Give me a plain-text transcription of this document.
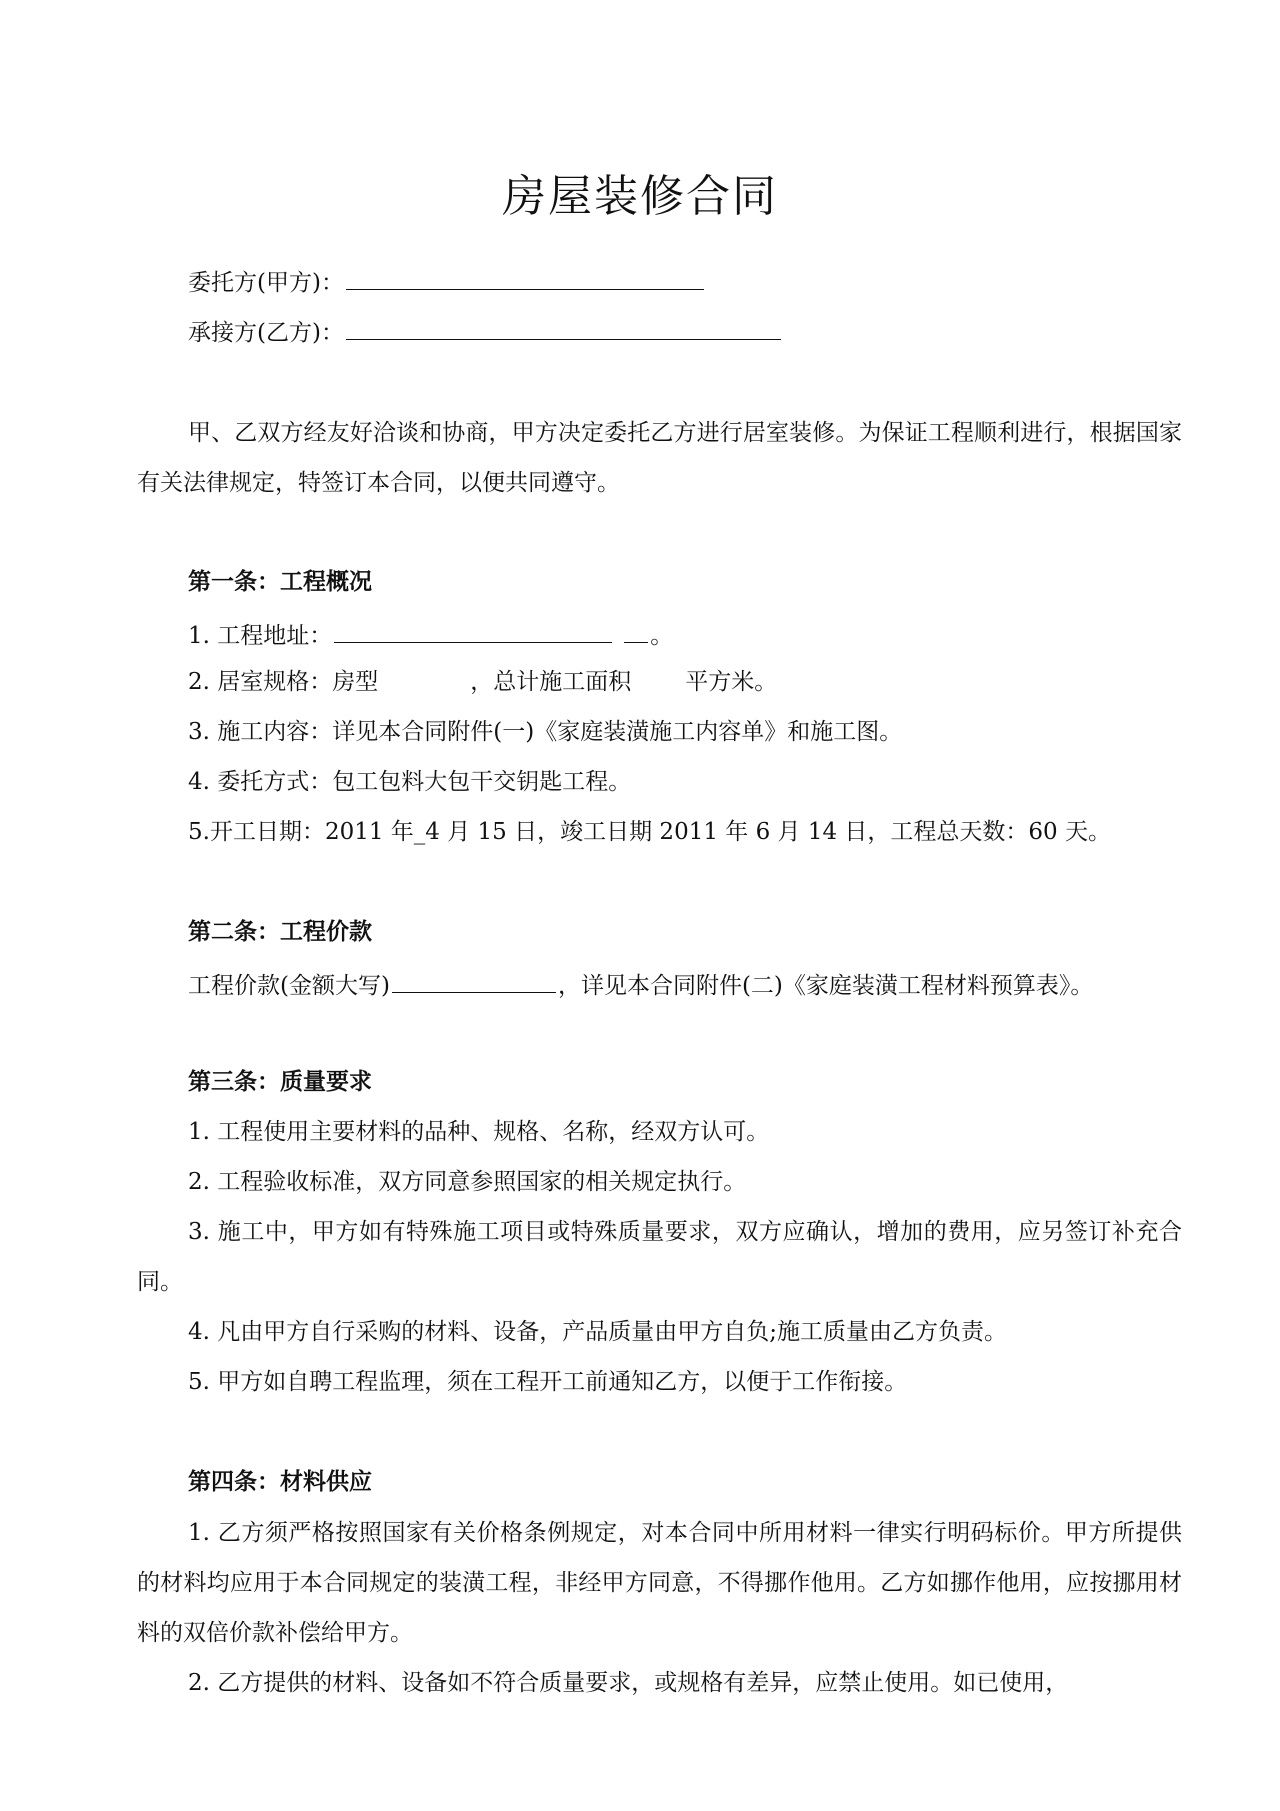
房屋装修合同
委托方(甲方)：
承接方(乙方)：
甲、乙双方经友好洽谈和协商，甲方决定委托乙方进行居室装修。为保证工程顺利进行，根据国家有关法律规定，特签订本合同，以便共同遵守。
第一条：工程概况
1. 工程地址：	。
2. 居室规格：房型	，总计施工面积 平方米。
3. 施工内容：详见本合同附件(一)《家庭装潢施工内容单》和施工图。
4. 委托方式：包工包料大包干交钥匙工程。
5.开工日期：2011 年_4 月 15 日，竣工日期 2011 年 6 月 14 日，工程总天数：60 天。
第二条：工程价款
工程价款(金额大写)	，详见本合同附件(二)《家庭装潢工程材料预算表》。
第三条：质量要求
1. 工程使用主要材料的品种、规格、名称，经双方认可。
2. 工程验收标准，双方同意参照国家的相关规定执行。
3. 施工中，甲方如有特殊施工项目或特殊质量要求，双方应确认，增加的费用，应另签订补充合同。
4. 凡由甲方自行采购的材料、设备，产品质量由甲方自负;施工质量由乙方负责。
5. 甲方如自聘工程监理，须在工程开工前通知乙方，以便于工作衔接。
第四条：材料供应
1. 乙方须严格按照国家有关价格条例规定，对本合同中所用材料一律实行明码标价。甲方所提供的材料均应用于本合同规定的装潢工程，非经甲方同意，不得挪作他用。乙方如挪作他用，应按挪用材料的双倍价款补偿给甲方。
2. 乙方提供的材料、设备如不符合质量要求，或规格有差异，应禁止使用。如已使用，
